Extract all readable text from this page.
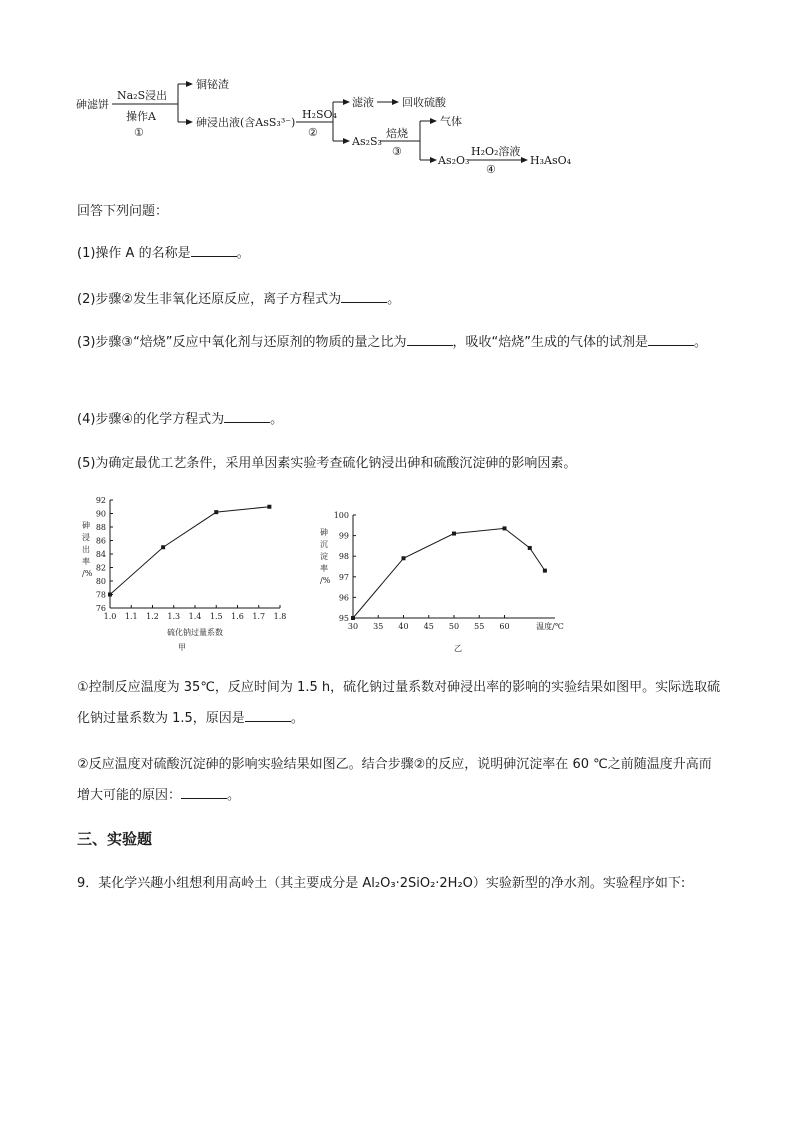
砷滤饼
Na₂S浸出
操作A
①
铜铋渣
砷浸出液(含AsS₃³⁻)
H₂SO₄
②
滤液	回收硫酸
As₂S₃
焙烧
③
气体
As₂O₃
H₂O₂溶液
④
H₃AsO₄

回答下列问题：

(1)操作 A 的名称是	。

(2)步骤②发生非氧化还原反应，离子方程式为	。

(3)步骤③“焙烧”反应中氧化剂与还原剂的物质的量之比为	，吸收“焙烧”生成的气体的试剂是	。

(4)步骤④的化学方程式为	。

(5)为确定最优工艺条件，采用单因素实验考查硫化钠浸出砷和硫酸沉淀砷的影响因素。

76
78
80
82
84
86
88
90
92
1.0 1.1 1.2 1.3 1.4 1.5 1.6 1.7 1.8
砷
浸
出
率
/%
硫化钠过量系数
甲
95
96
97
98
99
100
30 35 40 45 50 55 60
砷
沉
淀
率
/%
温度/℃
乙

①控制反应温度为 35℃，反应时间为 1.5 h，硫化钠过量系数对砷浸出率的影响的实验结果如图甲。实际选取硫化钠过量系数为 1.5，原因是	。

②反应温度对硫酸沉淀砷的影响实验结果如图乙。结合步骤②的反应，说明砷沉淀率在 60 ℃之前随温度升高而增大可能的原因：	。

三、实验题

9．某化学兴趣小组想利用高岭土（其主要成分是 Al₂O₃·2SiO₂·2H₂O）实验新型的净水剂。实验程序如下:
